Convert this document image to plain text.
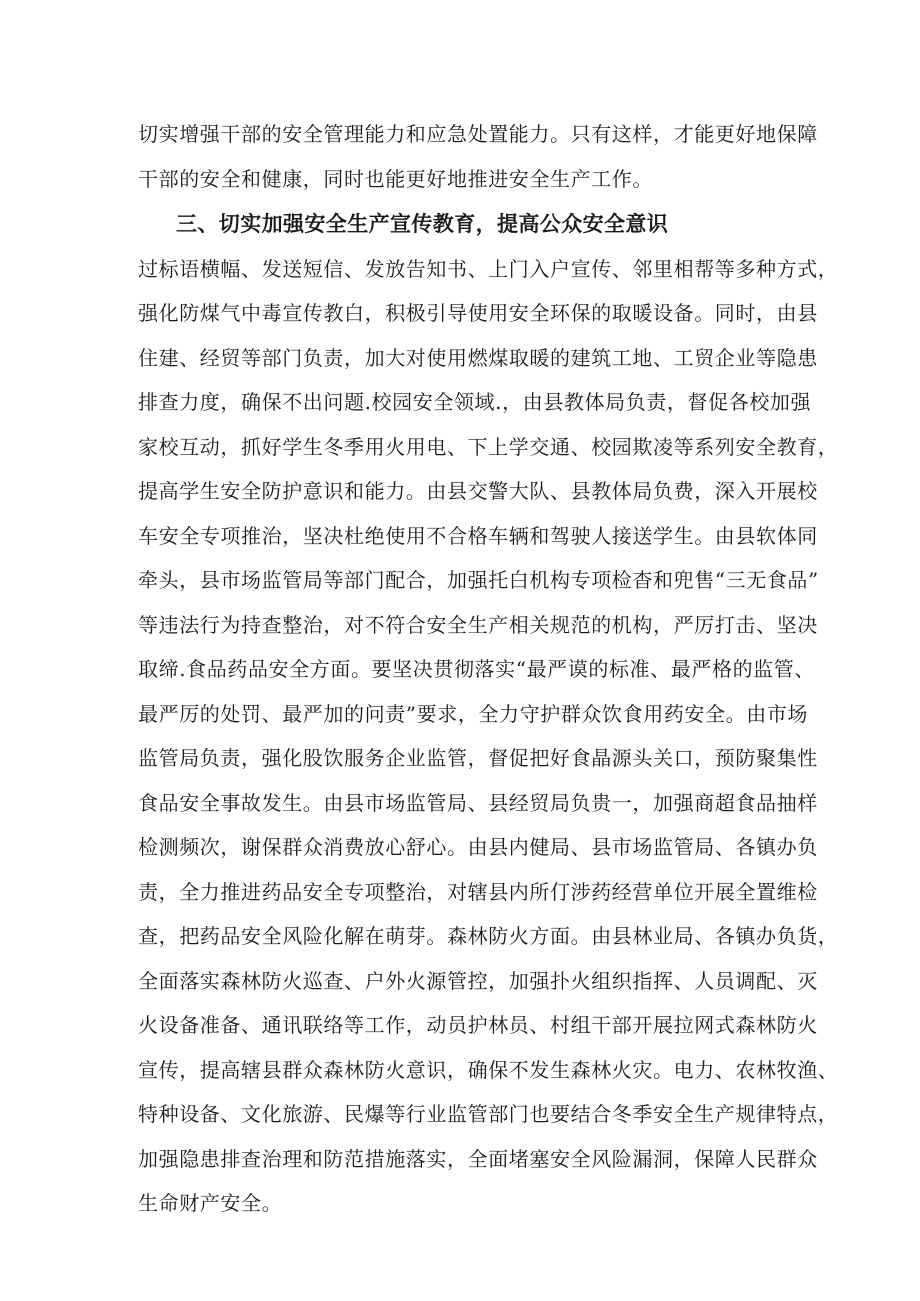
切实增强干部的安全管理能力和应急处置能力。只有这样，才能更好地保障
干部的安全和健康，同时也能更好地推进安全生产工作。
三、切实加强安全生产宣传教育，提高公众安全意识
过标语横幅、发送短信、发放告知书、上门入户宣传、邻里相帮等多种方式，
强化防煤气中毒宣传教白，积极引导使用安全环保的取暖设备。同时，由县
住建、经贸等部门负责，加大对使用燃煤取暖的建筑工地、工贸企业等隐患
排查力度，确保不出问题.校园安全领域.，由县教体局负责，督促各校加强
家校互动，抓好学生冬季用火用电、下上学交通、校园欺凌等系列安全教育，
提高学生安全防护意识和能力。由县交警大队、县教体局负费，深入开展校
车安全专项推治，坚决杜绝使用不合格车辆和驾驶人接送学生。由县软体同
牵头，县市场监管局等部门配合，加强托白机构专项检杳和兜售“三无食品”
等违法行为持查整治，对不符合安全生产相关规范的机构，严厉打击、坚决
取缔.食品药品安全方面。要坚决贯彻落实“最严谟的标准、最严格的监管、
最严厉的处罚、最严加的问责”要求，全力守护群众饮食用药安全。由市场
监管局负责，强化股饮服务企业监管，督促把好食晶源头关口，预防聚集性
食品安全事故发生。由县市场监管局、县经贸局负贵一，加强商超食品抽样
检测频次，谢保群众消费放心舒心。由县内健局、县市场监管局、各镇办负
责，全力推进药品安全专项整治，对辖县内所仃涉药经营单位开展全置维检
查，把药品安全风险化解在萌芽。森林防火方面。由县林业局、各镇办负货，
全面落实森林防火巡查、户外火源管控，加强扑火组织指挥、人员调配、灭
火设备准备、通讯联络等工作，动员护林员、村组干部开展拉网式森林防火
宣传，提高辖县群众森林防火意识，确保不发生森林火灾。电力、农林牧渔、
特种设备、文化旅游、民爆等行业监管部门也要结合冬季安全生产规律特点，
加强隐患排查治理和防范措施落实，全面堵塞安全风险漏洞，保障人民群众
生命财产安全。
